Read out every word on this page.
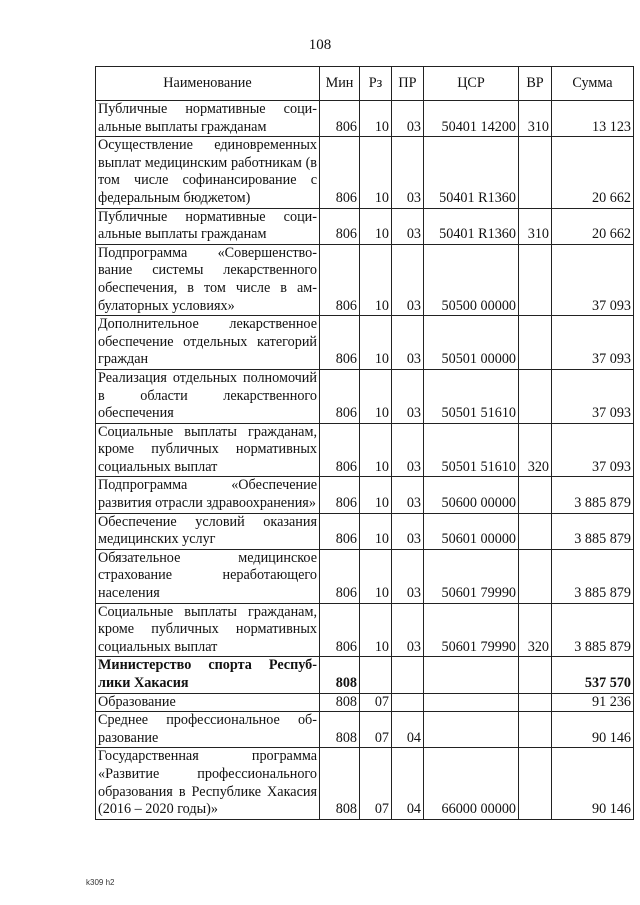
108
Наименование	Мин	Рз	ПР	ЦСР	ВР	Сумма
Публичные нормативные социальные выплаты гражданам	806	10	03	50401 14200	310	13 123
Осуществление единовременных выплат медицинским работникам (в том числе софинансирование с федеральным бюджетом)	806	10	03	50401 R1360		20 662
Публичные нормативные социальные выплаты гражданам	806	10	03	50401 R1360	310	20 662
Подпрограмма «Совершенствование системы лекарственного обеспечения, в том числе в амбулаторных условиях»	806	10	03	50500 00000		37 093
Дополнительное лекарственное обеспечение отдельных категорий граждан	806	10	03	50501 00000		37 093
Реализация отдельных полномочий в области лекарственного обеспечения	806	10	03	50501 51610		37 093
Социальные выплаты гражданам, кроме публичных нормативных социальных выплат	806	10	03	50501 51610	320	37 093
Подпрограмма «Обеспечение развития отрасли здравоохранения»	806	10	03	50600 00000		3 885 879
Обеспечение условий оказания медицинских услуг	806	10	03	50601 00000		3 885 879
Обязательное медицинское страхование неработающего населения	806	10	03	50601 79990		3 885 879
Социальные выплаты гражданам, кроме публичных нормативных социальных выплат	806	10	03	50601 79990	320	3 885 879
Министерство спорта Республики Хакасия	808					537 570
Образование	808	07				91 236
Среднее профессиональное образование	808	07	04			90 146
Государственная программа «Развитие профессионального образования в Республике Хакасия (2016 – 2020 годы)»	808	07	04	66000 00000		90 146
k309 h2
